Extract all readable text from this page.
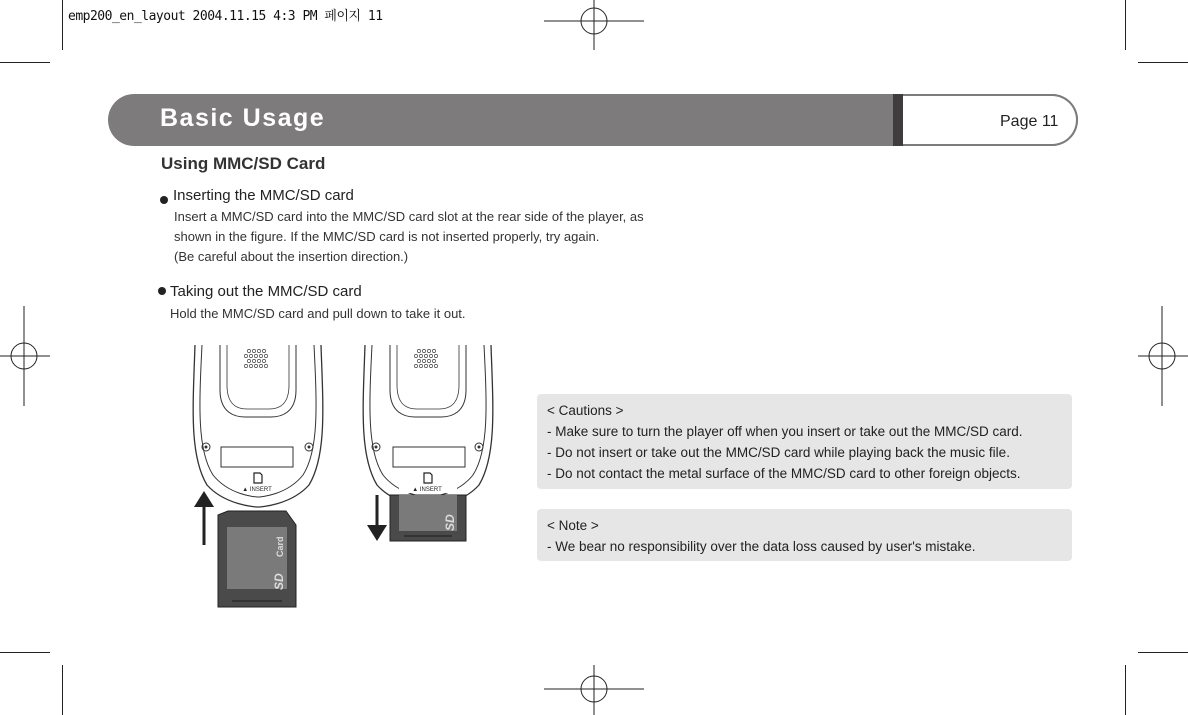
emp200_en_layout 2004.11.15 4:3 PM 페이지 11
Basic Usage	Page 11
Using MMC/SD Card
Inserting the MMC/SD card
Insert a MMC/SD card into the MMC/SD card slot at the rear side of the player, as
shown in the figure. If the MMC/SD card is not inserted properly, try again.
(Be careful about the insertion direction.)
Taking out the MMC/SD card
Hold the MMC/SD card and pull down to take it out.
▲ INSERT
Card
SD
SD
▲ INSERT
< Cautions >
- Make sure to turn the player off when you insert or take out the MMC/SD card.
- Do not insert or take out the MMC/SD card while playing back the music file.
- Do not contact the metal surface of the MMC/SD card to other foreign objects.
< Note >
- We bear no responsibility over the data loss caused by user's mistake.
